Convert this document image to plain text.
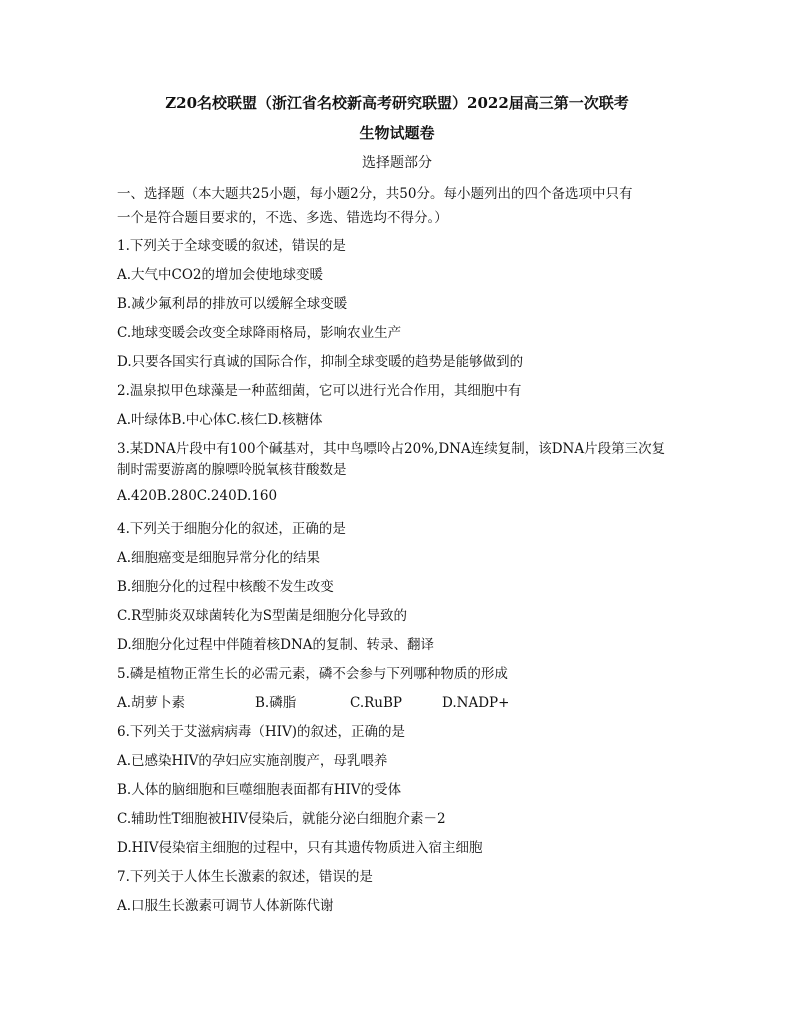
Z20名校联盟（浙江省名校新高考研究联盟）2022届高三第一次联考
生物试题卷
选择题部分
一、选择题（本大题共25小题，每小题2分，共50分。每小题列出的四个备选项中只有
一个是符合题目要求的，不选、多选、错选均不得分。）
1.下列关于全球变暖的叙述，错误的是
A.大气中CO2的增加会使地球变暖
B.减少氟利昂的排放可以缓解全球变暖
C.地球变暖会改变全球降雨格局，影响农业生产
D.只要各国实行真诚的国际合作，抑制全球变暖的趋势是能够做到的
2.温泉拟甲色球藻是一种蓝细菌，它可以进行光合作用，其细胞中有
A.叶绿体B.中心体C.核仁D.核糖体
3.某DNA片段中有100个碱基对，其中鸟嘌呤占20%,DNA连续复制，该DNA片段第三次复
制时需要游离的腺嘌呤脱氧核苷酸数是
A.420B.280C.240D.160
4.下列关于细胞分化的叙述，正确的是
A.细胞癌变是细胞异常分化的结果
B.细胞分化的过程中核酸不发生改变
C.R型肺炎双球菌转化为S型菌是细胞分化导致的
D.细胞分化过程中伴随着核DNA的复制、转录、翻译
5.磷是植物正常生长的必需元素，磷不会参与下列哪种物质的形成
A.胡萝卜素	B.磷脂	C.RuBP	D.NADP+
6.下列关于艾滋病病毒（HIV)的叙述，正确的是
A.已感染HIV的孕妇应实施剖腹产，母乳喂养
B.人体的脑细胞和巨噬细胞表面都有HIV的受体
C.辅助性T细胞被HIV侵染后，就能分泌白细胞介素－2
D.HIV侵染宿主细胞的过程中，只有其遗传物质进入宿主细胞
7.下列关于人体生长激素的叙述，错误的是
A.口服生长激素可调节人体新陈代谢
